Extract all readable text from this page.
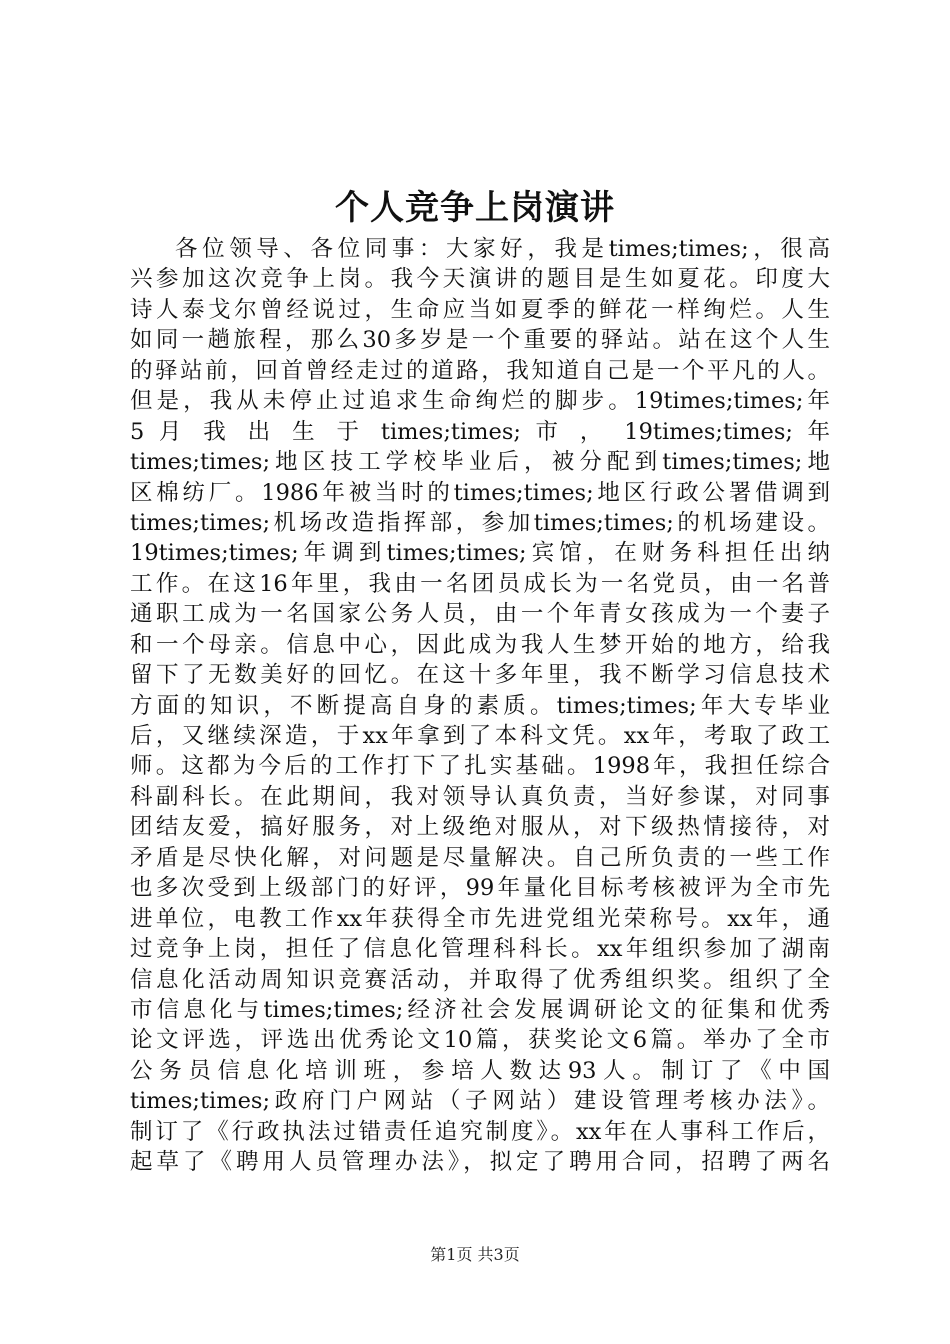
个人竞争上岗演讲
各位领导、各位同事：大家好，我是times;times;，很高
兴参加这次竞争上岗。我今天演讲的题目是生如夏花。印度大
诗人泰戈尔曾经说过，生命应当如夏季的鲜花一样绚烂。人生
如同一趟旅程，那么30多岁是一个重要的驿站。站在这个人生
的驿站前，回首曾经走过的道路，我知道自己是一个平凡的人。
但是，我从未停止过追求生命绚烂的脚步。19times;times;年
5 月 我 出 生 于 times;times; 市 ， 19times;times; 年
times;times;地区技工学校毕业后，被分配到times;times;地
区棉纺厂。1986年被当时的times;times;地区行政公署借调到
times;times;机场改造指挥部，参加times;times;的机场建设。
19times;times;年调到times;times;宾馆，在财务科担任出纳
工作。在这16年里，我由一名团员成长为一名党员，由一名普
通职工成为一名国家公务人员，由一个年青女孩成为一个妻子
和一个母亲。信息中心，因此成为我人生梦开始的地方，给我
留下了无数美好的回忆。在这十多年里，我不断学习信息技术
方面的知识，不断提高自身的素质。times;times;年大专毕业
后，又继续深造，于xx年拿到了本科文凭。xx年，考取了政工
师。这都为今后的工作打下了扎实基础。1998年，我担任综合
科副科长。在此期间，我对领导认真负责，当好参谋，对同事
团结友爱，搞好服务，对上级绝对服从，对下级热情接待，对
矛盾是尽快化解，对问题是尽量解决。自己所负责的一些工作
也多次受到上级部门的好评，99年量化目标考核被评为全市先
进单位，电教工作xx年获得全市先进党组光荣称号。xx年，通
过竞争上岗，担任了信息化管理科科长。xx年组织参加了湖南
信息化活动周知识竞赛活动，并取得了优秀组织奖。组织了全
市信息化与times;times;经济社会发展调研论文的征集和优秀
论文评选，评选出优秀论文10篇，获奖论文6篇。举办了全市
公务员信息化培训班，参培人数达93人。制订了《中国
times;times;政府门户网站（子网站）建设管理考核办法》。
制订了《行政执法过错责任追究制度》。xx年在人事科工作后，
起草了《聘用人员管理办法》，拟定了聘用合同，招聘了两名
第1页 共3页
